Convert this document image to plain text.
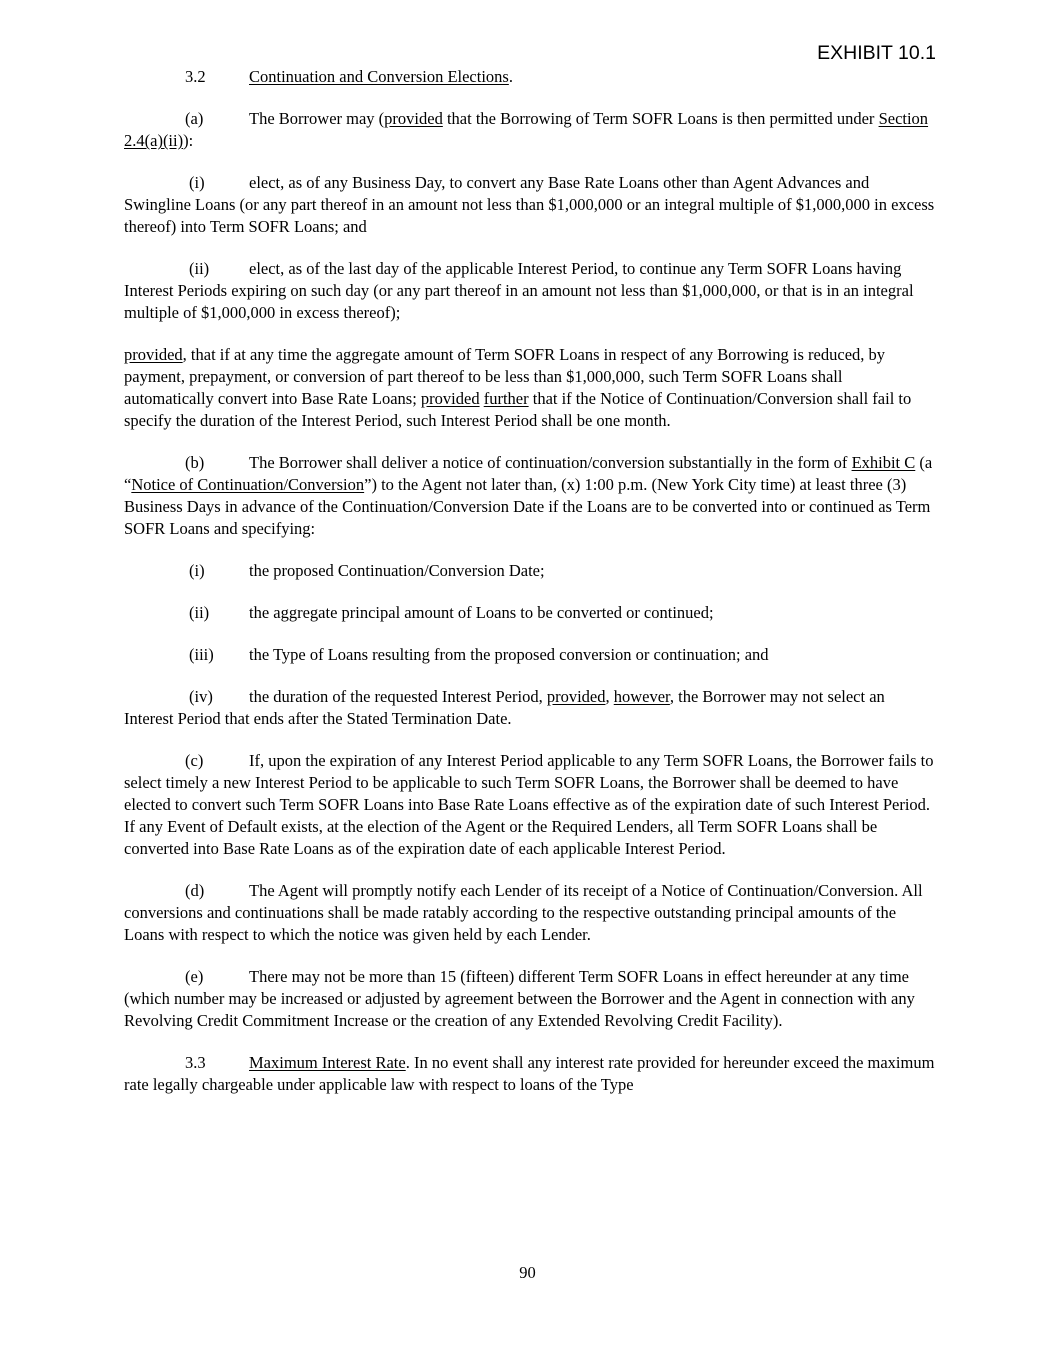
EXHIBIT 10.1

3.2	Continuation and Conversion Elections.

(a)	The Borrower may (provided that the Borrowing of Term SOFR Loans is then permitted under Section 2.4(a)(ii)):

(i)	elect, as of any Business Day, to convert any Base Rate Loans other than Agent Advances and Swingline Loans (or any part thereof in an amount not less than $1,000,000 or an integral multiple of $1,000,000 in excess thereof) into Term SOFR Loans; and

(ii) elect, as of the last day of the applicable Interest Period, to continue any Term SOFR Loans having Interest Periods expiring on such day (or any part thereof in an amount not less than $1,000,000, or that is in an integral multiple of $1,000,000 in excess thereof);

provided, that if at any time the aggregate amount of Term SOFR Loans in respect of any Borrowing is reduced, by payment, prepayment, or conversion of part thereof to be less than $1,000,000, such Term SOFR Loans shall automatically convert into Base Rate Loans; provided further that if the Notice of Continuation/Conversion shall fail to specify the duration of the Interest Period, such Interest Period shall be one month.

(b)	The Borrower shall deliver a notice of continuation/conversion substantially in the form of Exhibit C (a “Notice of Continuation/Conversion”) to the Agent not later than, (x) 1:00 p.m. (New York City time) at least three (3) Business Days in advance of the Continuation/Conversion Date if the Loans are to be converted into or continued as Term SOFR Loans and specifying:

(i)	the proposed Continuation/Conversion Date;

(ii) the aggregate principal amount of Loans to be converted or continued;

(iii) the Type of Loans resulting from the proposed conversion or continuation; and

(iv) the duration of the requested Interest Period, provided, however, the Borrower may not select an Interest Period that ends after the Stated Termination Date.

(c)	If, upon the expiration of any Interest Period applicable to any Term SOFR Loans, the Borrower fails to select timely a new Interest Period to be applicable to such Term SOFR Loans, the Borrower shall be deemed to have elected to convert such Term SOFR Loans into Base Rate Loans effective as of the expiration date of such Interest Period. If any Event of Default exists, at the election of the Agent or the Required Lenders, all Term SOFR Loans shall be converted into Base Rate Loans as of the expiration date of each applicable Interest Period.

(d)	The Agent will promptly notify each Lender of its receipt of a Notice of Continuation/Conversion. All conversions and continuations shall be made ratably according to the respective outstanding principal amounts of the Loans with respect to which the notice was given held by each Lender.

(e)	There may not be more than 15 (fifteen) different Term SOFR Loans in effect hereunder at any time (which number may be increased or adjusted by agreement between the Borrower and the Agent in connection with any Revolving Credit Commitment Increase or the creation of any Extended Revolving Credit Facility).

3.3	Maximum Interest Rate. In no event shall any interest rate provided for hereunder exceed the maximum rate legally chargeable under applicable law with respect to loans of the Type

90
